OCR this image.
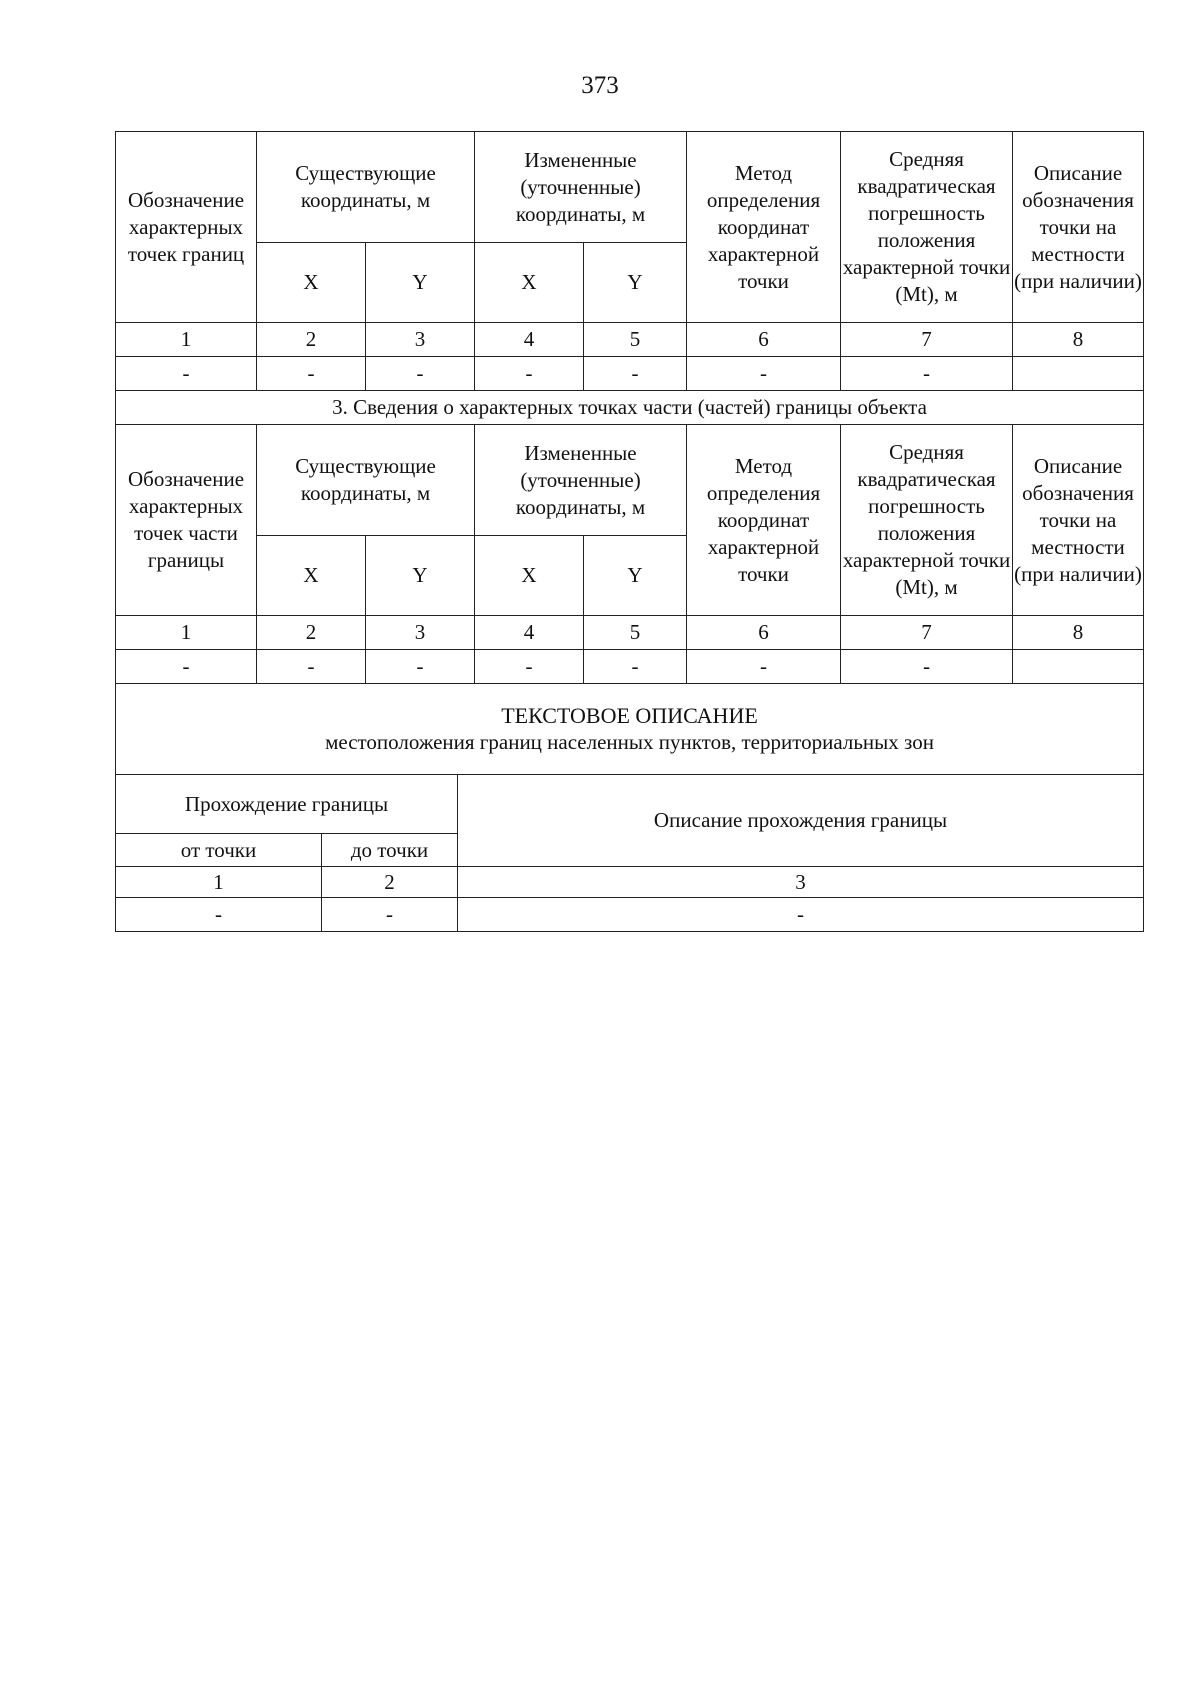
373
Обозначение характерных точек границ	Существующие координаты, м		Измененные (уточненные) координаты, м		Метод определения координат характерной точки	Средняя квадратическая погрешность положения характерной точки (Mt), м	Описание обозначения точки на местности (при наличии)
	X	Y	X	Y			
1	2	3	4	5	6	7	8
-	-	-	-	-	-	-	
3. Сведения о характерных точках части (частей) границы объекта							
Обозначение характерных точек части границы	Существующие координаты, м		Измененные (уточненные) координаты, м		Метод определения координат характерной точки	Средняя квадратическая погрешность положения характерной точки (Mt), м	Описание обозначения точки на местности (при наличии)
	X	Y	X	Y			
1	2	3	4	5	6	7	8
-	-	-	-	-	-	-	
ТЕКСТОВОЕ ОПИСАНИЕ
местоположения границ населенных пунктов, территориальных зон		

Прохождение границы		Описание прохождения границы
от точки	до точки	
1	2	3
-	-	-
